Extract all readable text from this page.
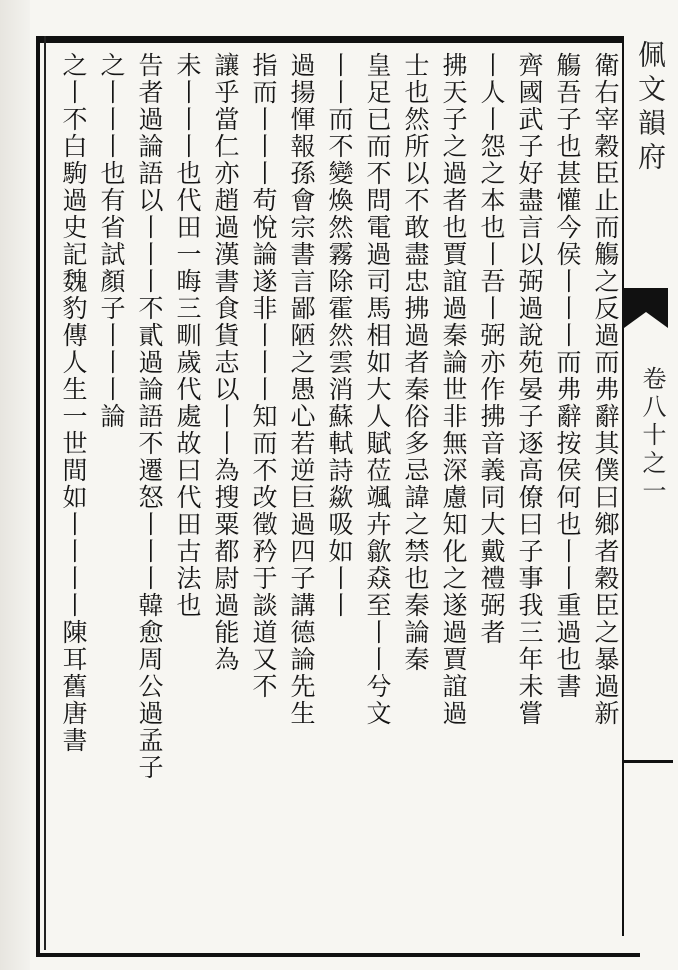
衛右宰穀臣止而觴之反過而弗辭其僕曰鄉者穀臣之暴過新
觴吾子也甚懽今侯丨丨丨而弗辭按侯何也丨丨重過也書
齊國武子好盡言以弼過說苑晏子逐高僚曰子事我三年未嘗
丨人丨怨之本也丨吾丨弼亦作拂音義同大戴禮弼者
拂天子之過者也賈誼過秦論世非無深慮知化之遂過賈誼過
士也然所以不敢盡忠拂過者秦俗多忌諱之禁也秦論秦
皇足已而不問電過司馬相如大人賦莅颯卉歙猋至丨丨兮文
丨丨而不變煥然霧除霍然雲消蘇軾詩歘吸如丨丨
過揚惲報孫會宗書言鄙陋之愚心若逆巨過四子講德論先生
指而丨丨丨苟悅論遂非丨丨丨知而不改徵矜于談道又不
讓乎當仁亦趙過漢書食貨志以丨丨為搜粟都尉過能為
未丨丨丨也代田一晦三甽歲代處故曰代田古法也
告者過論語以丨丨丨不貳過論語不遷怒丨丨丨韓愈周公過孟子
之丨丨丨也有省試顏子丨丨丨論
之丨不白駒過史記魏豹傳人生一世間如丨丨丨丨陳耳舊唐書	佩文韻府
卷八十之一
